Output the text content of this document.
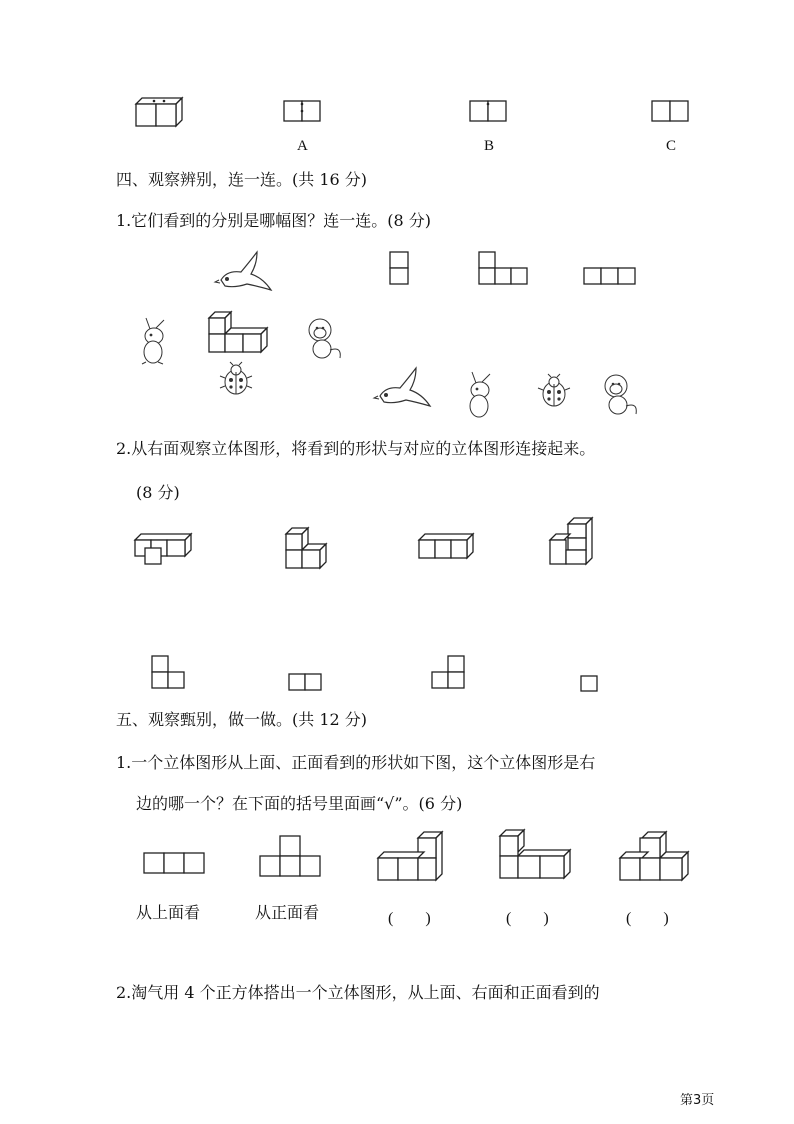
A	B	C
四、观察辨别，连一连。(共 16 分)
1.它们看到的分别是哪幅图？连一连。(8 分)
2.从右面观察立体图形，将看到的形状与对应的立体图形连接起来。
(8 分)
五、观察甄别，做一做。(共 12 分)
1.一个立体图形从上面、正面看到的形状如下图，这个立体图形是右
边的哪一个？在下面的括号里面画“√”。(6 分)
从上面看	从正面看	(　　)	(　　)	(　　)
2.淘气用 4 个正方体搭出一个立体图形，从上面、右面和正面看到的
第3页
